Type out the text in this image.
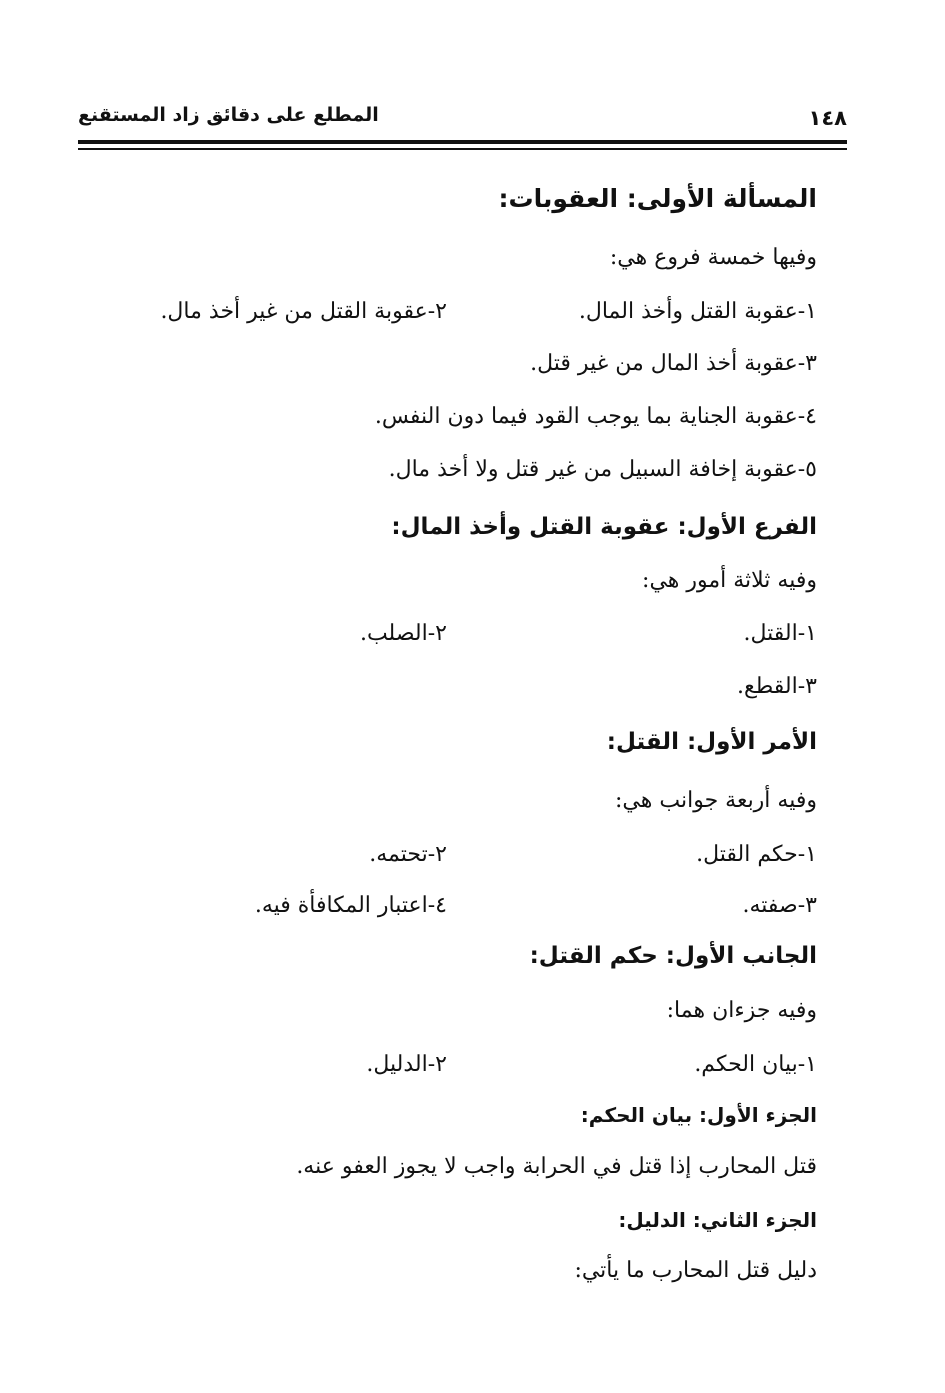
١٤٨
المطلع على دقائق زاد المستقنع
المسألة الأولى: العقوبات:
وفيها خمسة فروع هي:
١-عقوبة القتل وأخذ المال.
٢-عقوبة القتل من غير أخذ مال.
٣-عقوبة أخذ المال من غير قتل.
٤-عقوبة الجناية بما يوجب القود فيما دون النفس.
٥-عقوبة إخافة السبيل من غير قتل ولا أخذ مال.
الفرع الأول: عقوبة القتل وأخذ المال:
وفيه ثلاثة أمور هي:
١-القتل.
٢-الصلب.
٣-القطع.
الأمر الأول: القتل:
وفيه أربعة جوانب هي:
١-حكم القتل.
٢-تحتمه.
٣-صفته.
٤-اعتبار المكافأة فيه.
الجانب الأول: حكم القتل:
وفيه جزءان هما:
١-بيان الحكم.
٢-الدليل.
الجزء الأول: بيان الحكم:
قتل المحارب إذا قتل في الحرابة واجب لا يجوز العفو عنه.
الجزء الثاني: الدليل:
دليل قتل المحارب ما يأتي:
